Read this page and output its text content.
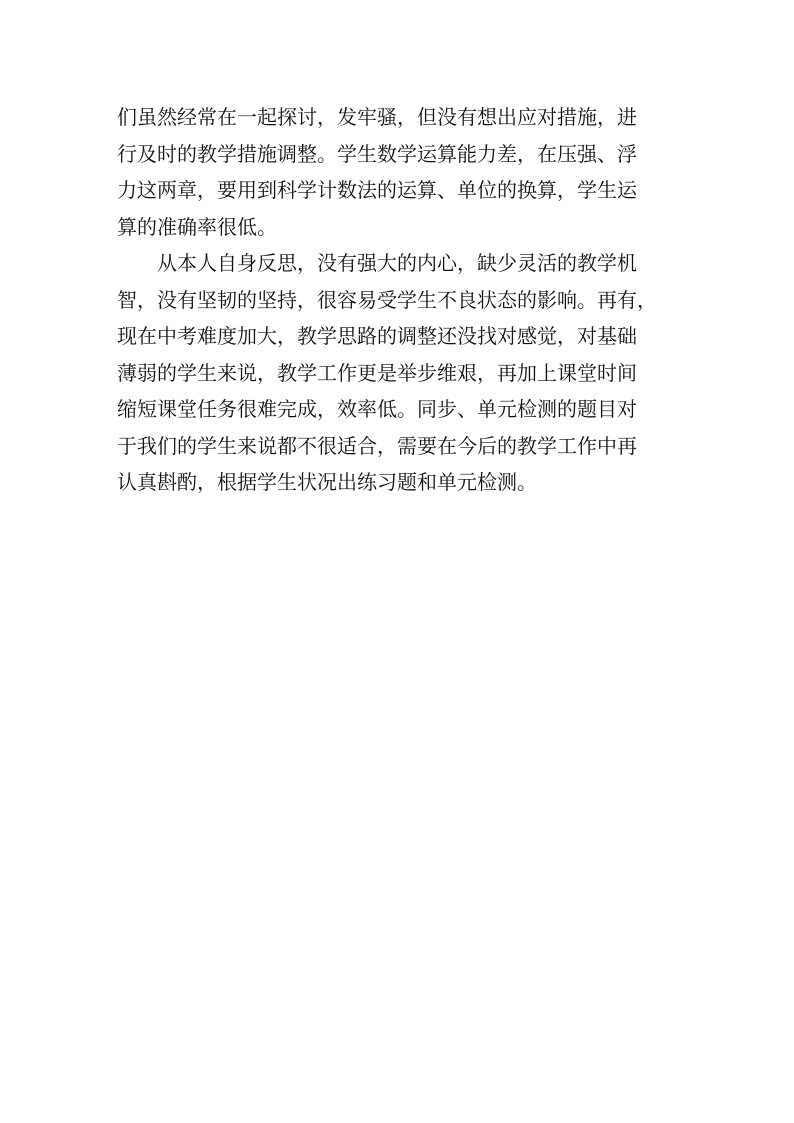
们虽然经常在一起探讨，发牢骚，但没有想出应对措施，进
行及时的教学措施调整。学生数学运算能力差，在压强、浮
力这两章，要用到科学计数法的运算、单位的换算，学生运
算的准确率很低。
　　从本人自身反思，没有强大的内心，缺少灵活的教学机
智，没有坚韧的坚持，很容易受学生不良状态的影响。再有，
现在中考难度加大，教学思路的调整还没找对感觉，对基础
薄弱的学生来说，教学工作更是举步维艰，再加上课堂时间
缩短课堂任务很难完成，效率低。同步、单元检测的题目对
于我们的学生来说都不很适合，需要在今后的教学工作中再
认真斟酌，根据学生状况出练习题和单元检测。
